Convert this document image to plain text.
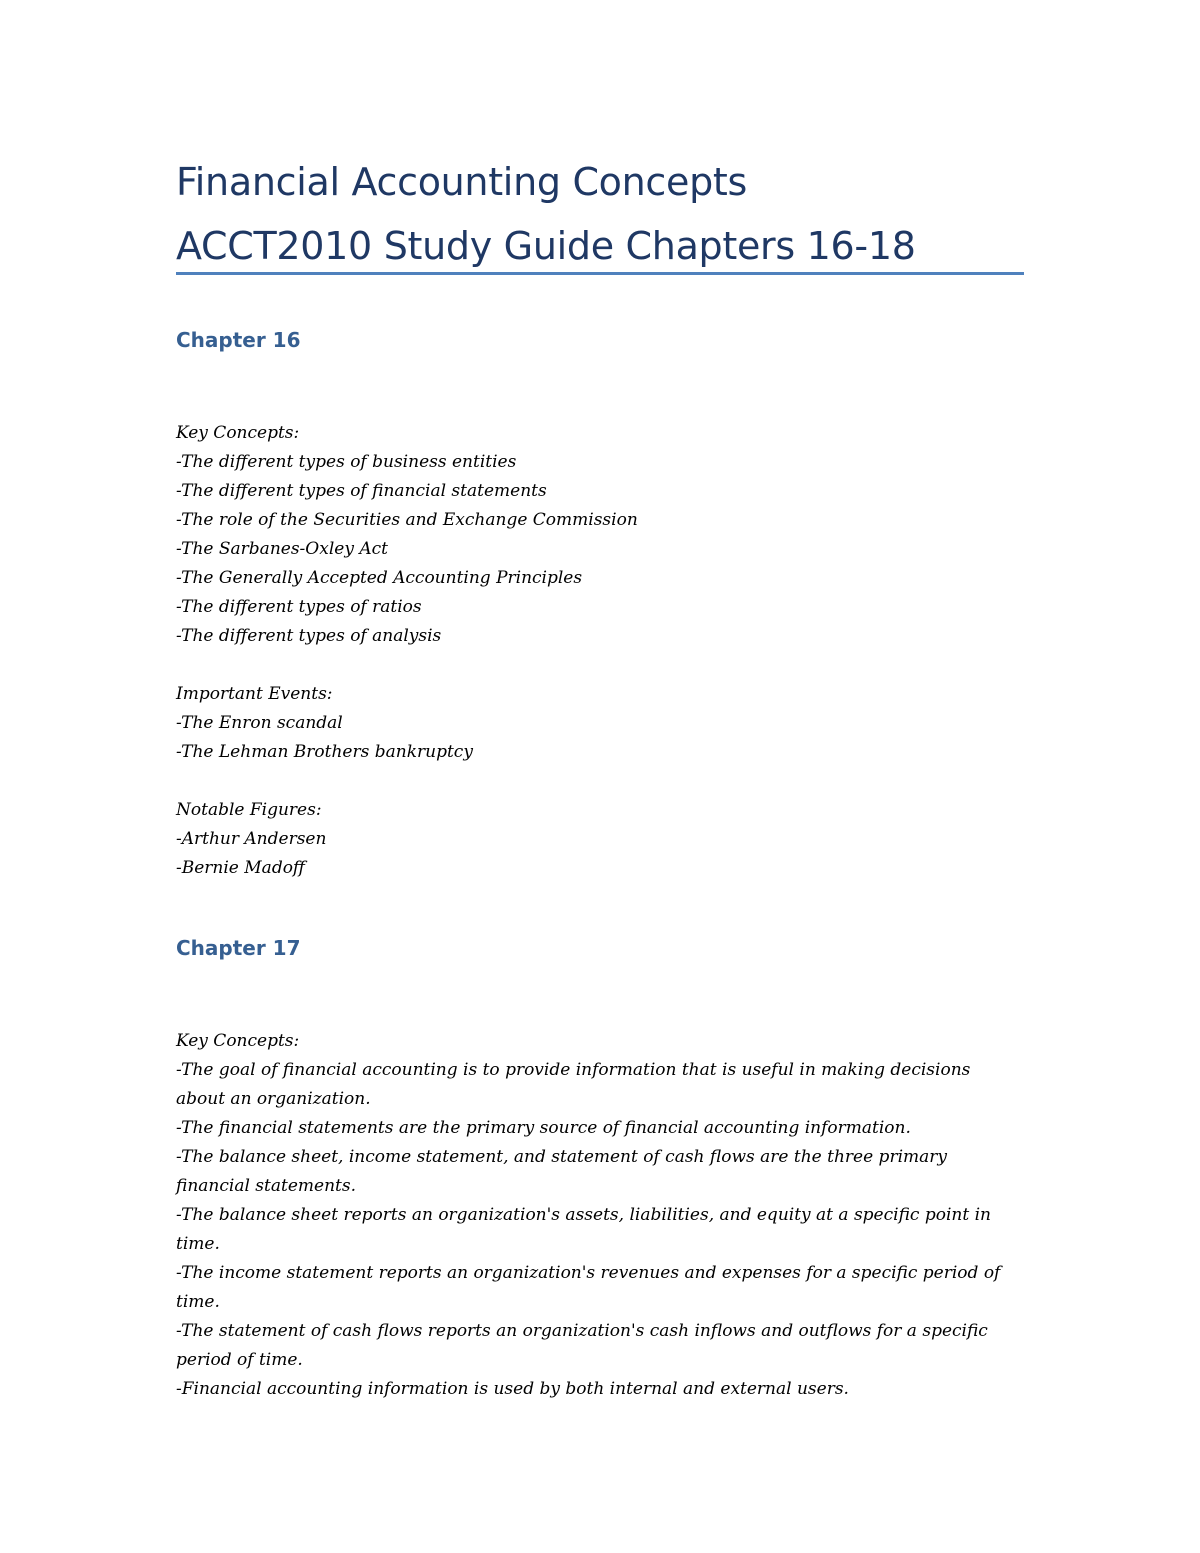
Financial Accounting Concepts
ACCT2010 Study Guide Chapters 16-18
Chapter 16
Key Concepts:
-The different types of business entities
-The different types of financial statements
-The role of the Securities and Exchange Commission
-The Sarbanes-Oxley Act
-The Generally Accepted Accounting Principles
-The different types of ratios
-The different types of analysis
Important Events:
-The Enron scandal
-The Lehman Brothers bankruptcy
Notable Figures:
-Arthur Andersen
-Bernie Madoff
Chapter 17
Key Concepts:
-The goal of financial accounting is to provide information that is useful in making decisions
about an organization.
-The financial statements are the primary source of financial accounting information.
-The balance sheet, income statement, and statement of cash flows are the three primary
financial statements.
-The balance sheet reports an organization's assets, liabilities, and equity at a specific point in
time.
-The income statement reports an organization's revenues and expenses for a specific period of
time.
-The statement of cash flows reports an organization's cash inflows and outflows for a specific
period of time.
-Financial accounting information is used by both internal and external users.
